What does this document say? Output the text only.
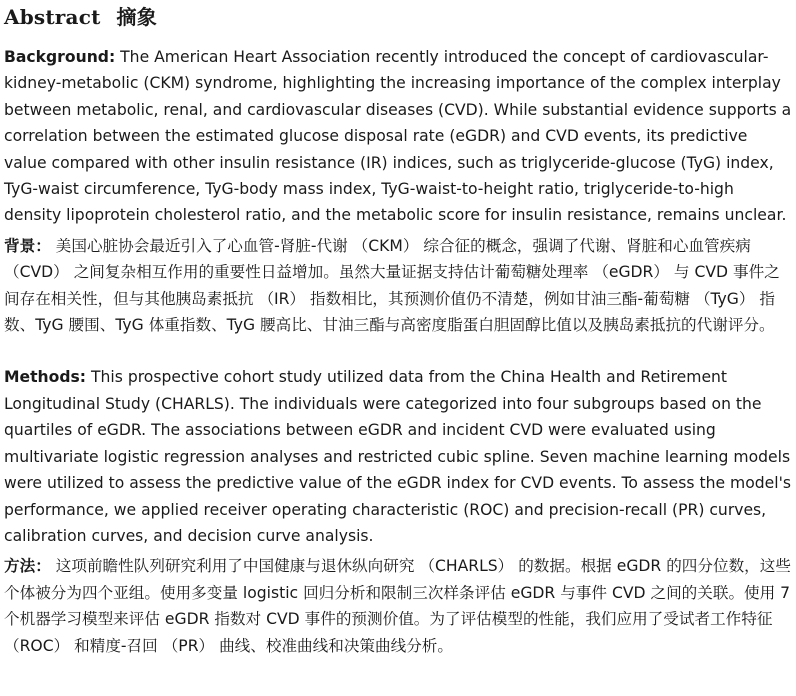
Abstract 摘象

Background: The American Heart Association recently introduced the concept of cardiovascular-kidney-metabolic (CKM) syndrome, highlighting the increasing importance of the complex interplay between metabolic, renal, and cardiovascular diseases (CVD). While substantial evidence supports a correlation between the estimated glucose disposal rate (eGDR) and CVD events, its predictive value compared with other insulin resistance (IR) indices, such as triglyceride-glucose (TyG) index, TyG-waist circumference, TyG-body mass index, TyG-waist-to-height ratio, triglyceride-to-high density lipoprotein cholesterol ratio, and the metabolic score for insulin resistance, remains unclear.

背景： 美国心脏协会最近引入了心血管-肾脏-代谢 （CKM） 综合征的概念，强调了代谢、肾脏和心血管疾病 （CVD） 之间复杂相互作用的重要性日益增加。虽然大量证据支持估计葡萄糖处理率 （eGDR） 与 CVD 事件之间存在相关性，但与其他胰岛素抵抗 （IR） 指数相比，其预测价值仍不清楚，例如甘油三酯-葡萄糖 （TyG） 指数、TyG 腰围、TyG 体重指数、TyG 腰高比、甘油三酯与高密度脂蛋白胆固醇比值以及胰岛素抵抗的代谢评分。

Methods: This prospective cohort study utilized data from the China Health and Retirement Longitudinal Study (CHARLS). The individuals were categorized into four subgroups based on the quartiles of eGDR. The associations between eGDR and incident CVD were evaluated using multivariate logistic regression analyses and restricted cubic spline. Seven machine learning models were utilized to assess the predictive value of the eGDR index for CVD events. To assess the model's performance, we applied receiver operating characteristic (ROC) and precision-recall (PR) curves, calibration curves, and decision curve analysis.

方法： 这项前瞻性队列研究利用了中国健康与退休纵向研究 （CHARLS） 的数据。根据 eGDR 的四分位数，这些个体被分为四个亚组。使用多变量 logistic 回归分析和限制三次样条评估 eGDR 与事件 CVD 之间的关联。使用 7 个机器学习模型来评估 eGDR 指数对 CVD 事件的预测价值。为了评估模型的性能，我们应用了受试者工作特征 （ROC） 和精度-召回 （PR） 曲线、校准曲线和决策曲线分析。
